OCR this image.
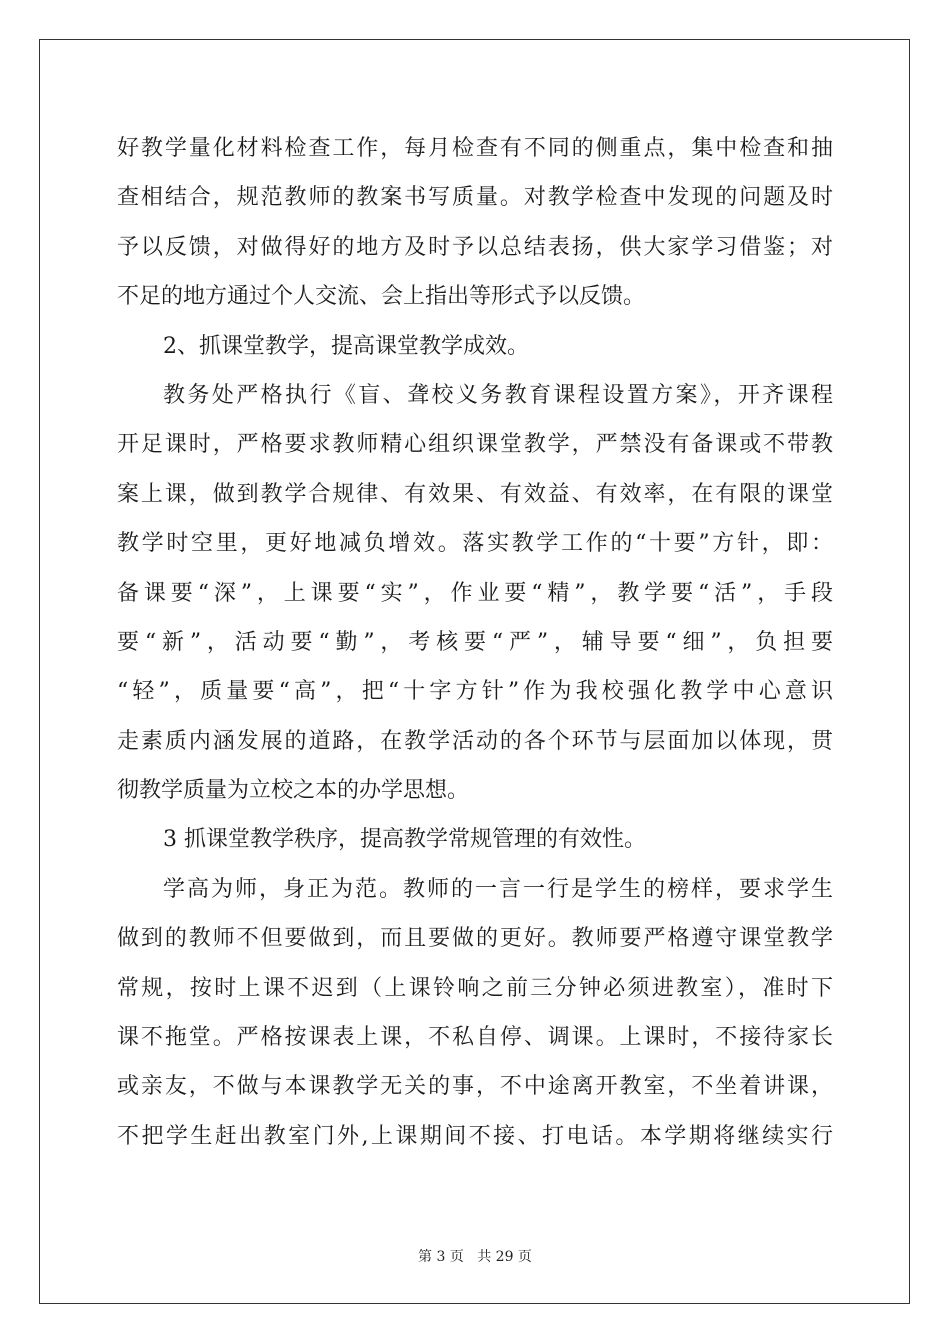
好教学量化材料检查工作，每月检查有不同的侧重点，集中检查和抽
查相结合，规范教师的教案书写质量。对教学检查中发现的问题及时
予以反馈，对做得好的地方及时予以总结表扬，供大家学习借鉴；对
不足的地方通过个人交流、会上指出等形式予以反馈。
2、抓课堂教学，提高课堂教学成效。
教务处严格执行《盲、聋校义务教育课程设置方案》，开齐课程
开足课时，严格要求教师精心组织课堂教学，严禁没有备课或不带教
案上课，做到教学合规律、有效果、有效益、有效率，在有限的课堂
教学时空里，更好地减负增效。落实教学工作的“十要”方针，即：
备课要“深”，上课要“实”，作业要“精”，教学要“活”，手段
要“新”，活动要“勤”，考核要“严”，辅导要“细”，负担要
“轻”，质量要“高”，把“十字方针”作为我校强化教学中心意识
走素质内涵发展的道路，在教学活动的各个环节与层面加以体现，贯
彻教学质量为立校之本的办学思想。
3 抓课堂教学秩序，提高教学常规管理的有效性。
学高为师，身正为范。教师的一言一行是学生的榜样，要求学生
做到的教师不但要做到，而且要做的更好。教师要严格遵守课堂教学
常规，按时上课不迟到（上课铃响之前三分钟必须进教室），准时下
课不拖堂。严格按课表上课，不私自停、调课。上课时，不接待家长
或亲友，不做与本课教学无关的事，不中途离开教室，不坐着讲课，
不把学生赶出教室门外,上课期间不接、打电话。本学期将继续实行
第 3 页 共 29 页
